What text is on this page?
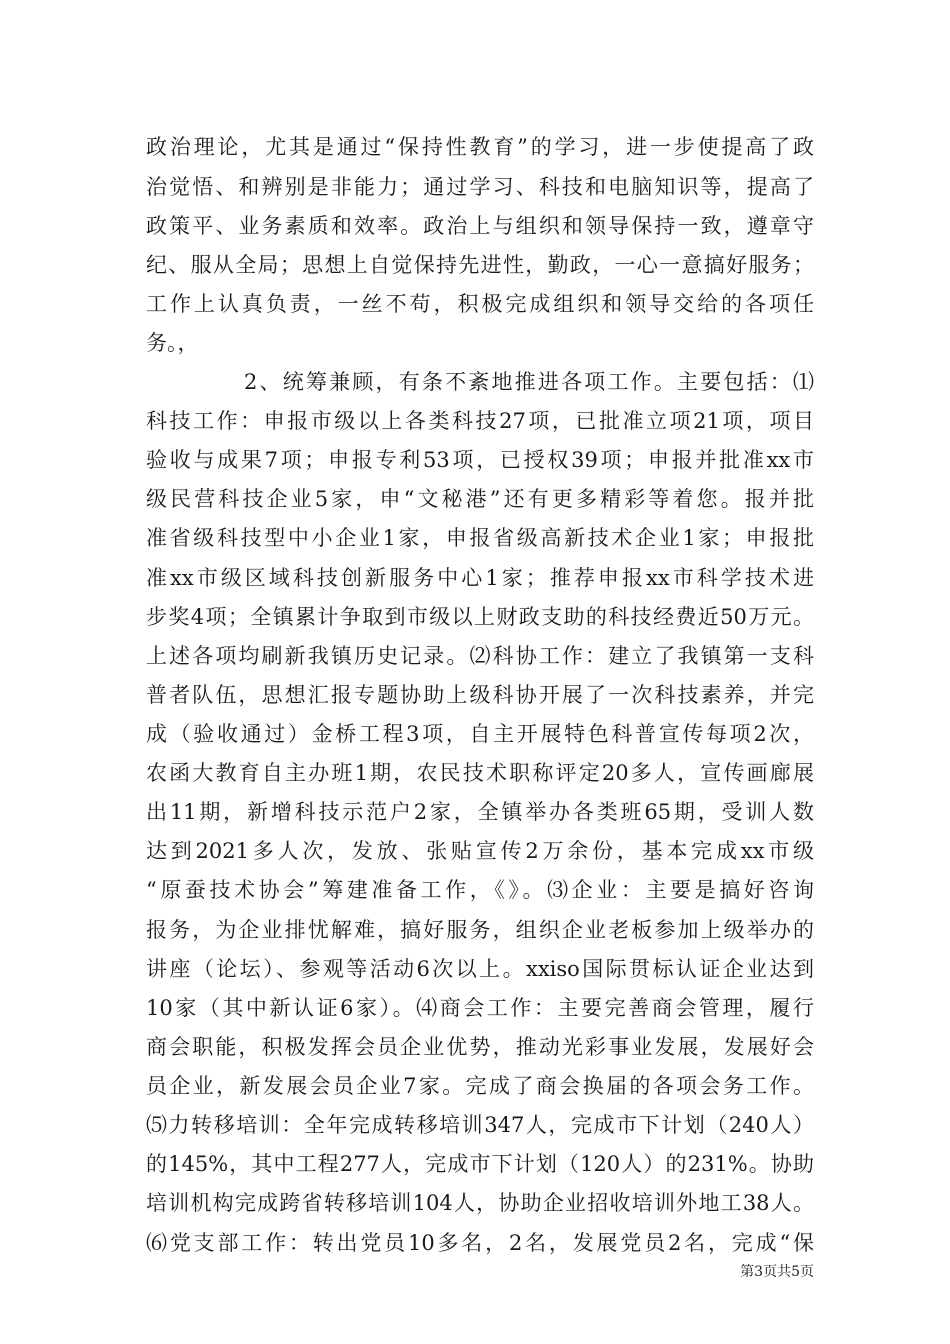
政治理论，尤其是通过“保持性教育”的学习，进一步使提高了政
治觉悟、和辨别是非能力；通过学习、科技和电脑知识等，提高了
政策平、业务素质和效率。政治上与组织和领导保持一致，遵章守
纪、服从全局；思想上自觉保持先进性，勤政，一心一意搞好服务；
工作上认真负责，一丝不苟，积极完成组织和领导交给的各项任
务。，
2、统筹兼顾，有条不紊地推进各项工作。主要包括：⑴
科技工作：申报市级以上各类科技27项，已批准立项21项，项目
验收与成果7项；申报专利53项，已授权39项；申报并批准xx市
级民营科技企业5家，申“文秘港”还有更多精彩等着您。报并批
准省级科技型中小企业1家，申报省级高新技术企业1家；申报批
准xx市级区域科技创新服务中心1家；推荐申报xx市科学技术进
步奖4项；全镇累计争取到市级以上财政支助的科技经费近50万元。
上述各项均刷新我镇历史记录。⑵科协工作：建立了我镇第一支科
普者队伍，思想汇报专题协助上级科协开展了一次科技素养，并完
成（验收通过）金桥工程3项，自主开展特色科普宣传每项2次，
农函大教育自主办班1期，农民技术职称评定20多人，宣传画廊展
出11期，新增科技示范户2家，全镇举办各类班65期，受训人数
达到2021多人次，发放、张贴宣传2万余份，基本完成xx市级
“原蚕技术协会”筹建准备工作，《》。⑶企业：主要是搞好咨询
报务，为企业排忧解难，搞好服务，组织企业老板参加上级举办的
讲座（论坛）、参观等活动6次以上。xxiso国际贯标认证企业达到
10家（其中新认证6家）。⑷商会工作：主要完善商会管理，履行
商会职能，积极发挥会员企业优势，推动光彩事业发展，发展好会
员企业，新发展会员企业7家。完成了商会换届的各项会务工作。
⑸力转移培训：全年完成转移培训347人，完成市下计划（240人）
的145%，其中工程277人，完成市下计划（120人）的231%。协助
培训机构完成跨省转移培训104人，协助企业招收培训外地工38人。
⑹党支部工作：转出党员10多名，2名，发展党员2名，完成“保
第3页共5页
